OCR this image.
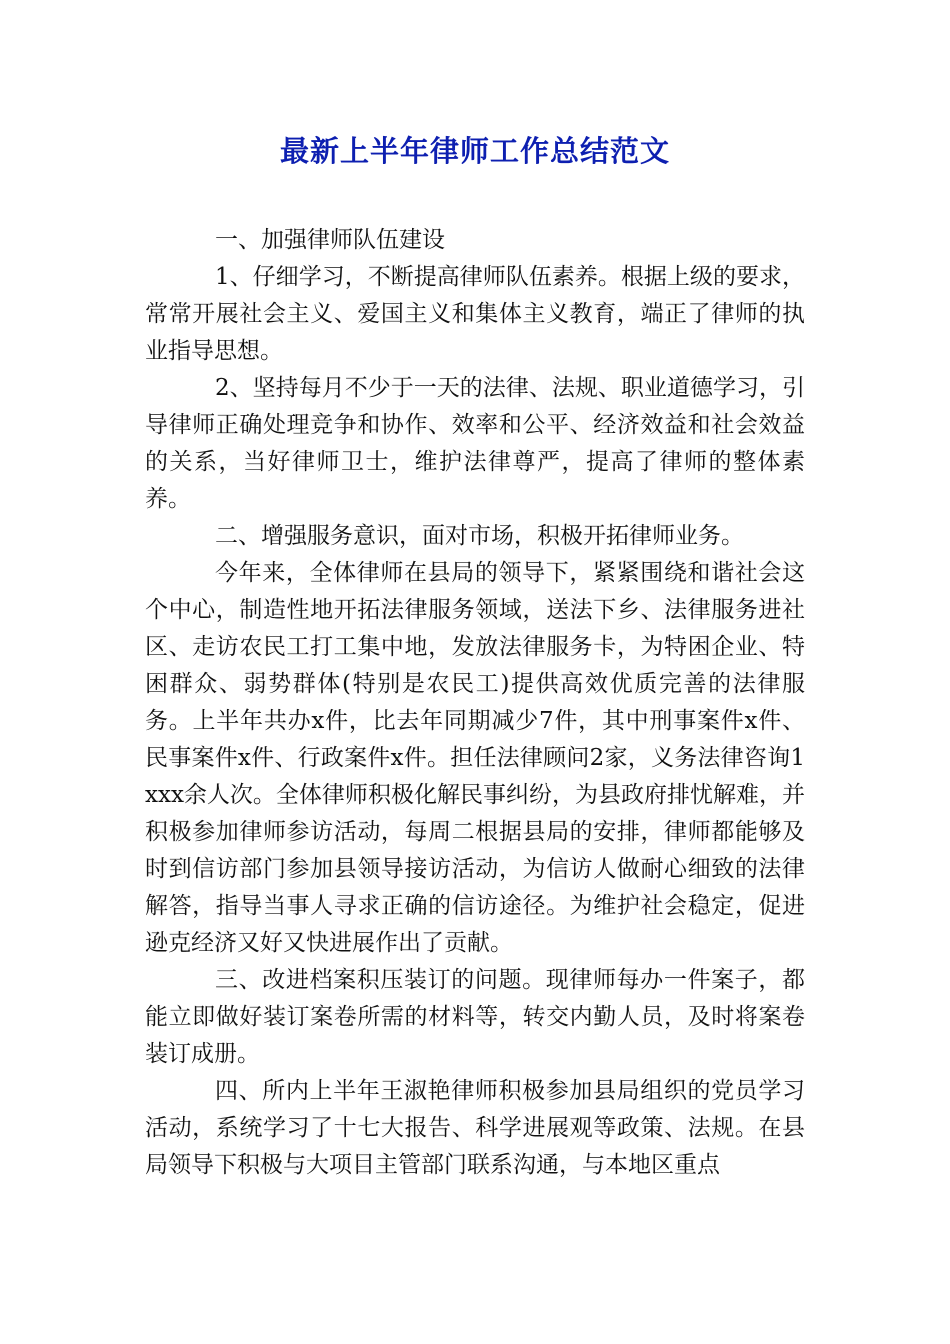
最新上半年律师工作总结范文

一、加强律师队伍建设

1、仔细学习，不断提高律师队伍素养。根据上级的要求，常常开展社会主义、爱国主义和集体主义教育，端正了律师的执业指导思想。

2、坚持每月不少于一天的法律、法规、职业道德学习，引导律师正确处理竞争和协作、效率和公平、经济效益和社会效益的关系，当好律师卫士，维护法律尊严，提高了律师的整体素养。

二、增强服务意识，面对市场，积极开拓律师业务。

今年来，全体律师在县局的领导下，紧紧围绕和谐社会这个中心，制造性地开拓法律服务领域，送法下乡、法律服务进社区、走访农民工打工集中地，发放法律服务卡，为特困企业、特困群众、弱势群体(特别是农民工)提供高效优质完善的法律服务。上半年共办x件，比去年同期减少7件，其中刑事案件x件、民事案件x件、行政案件x件。担任法律顾问2家，义务法律咨询1xxx余人次。全体律师积极化解民事纠纷，为县政府排忧解难，并积极参加律师参访活动，每周二根据县局的安排，律师都能够及时到信访部门参加县领导接访活动，为信访人做耐心细致的法律解答，指导当事人寻求正确的信访途径。为维护社会稳定，促进逊克经济又好又快进展作出了贡献。

三、改进档案积压装订的问题。现律师每办一件案子，都能立即做好装订案卷所需的材料等，转交内勤人员，及时将案卷装订成册。

四、所内上半年王淑艳律师积极参加县局组织的党员学习活动，系统学习了十七大报告、科学进展观等政策、法规。在县局领导下积极与大项目主管部门联系沟通，与本地区重点
